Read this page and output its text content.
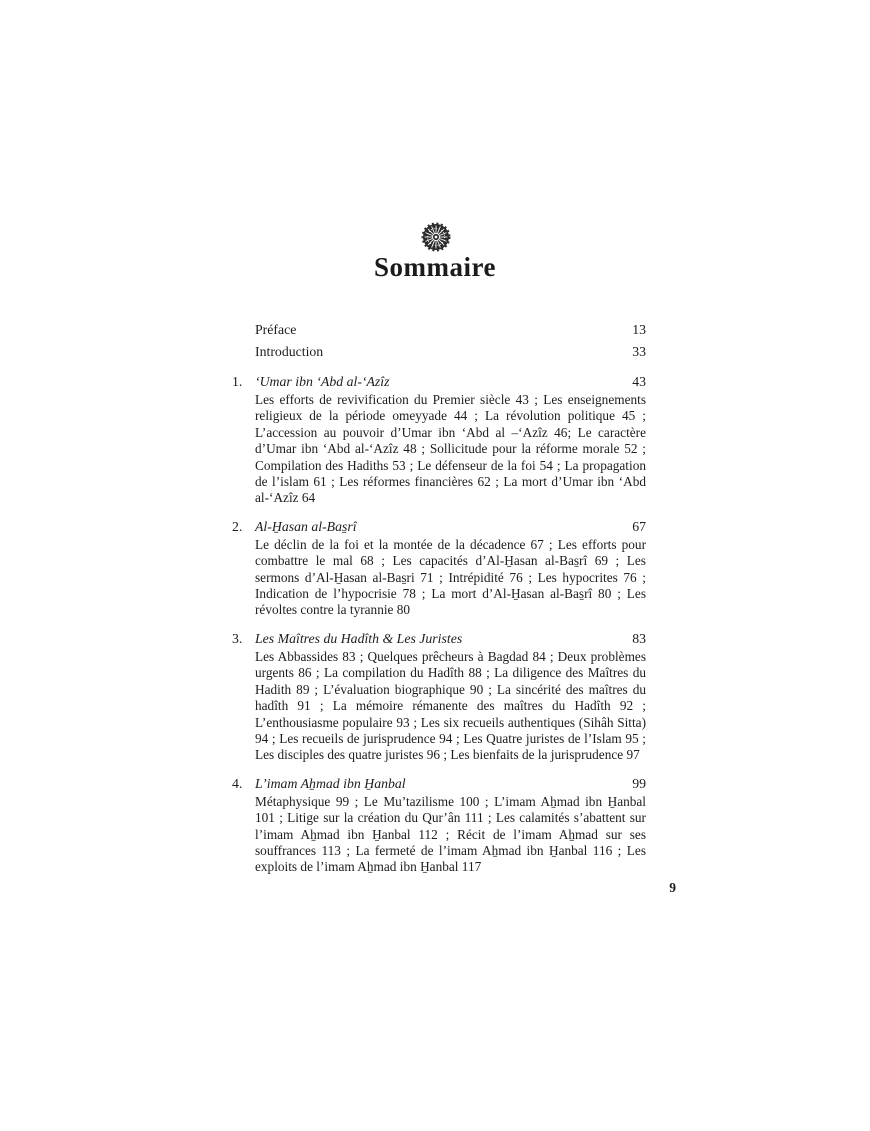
Sommaire
Préface	13
Introduction	33
1. ‘Umar ibn ‘Abd al-‘Azîz	43

Les efforts de revivification du Premier siècle 43 ; Les enseignements religieux de la période omeyyade 44 ; La révolution politique 45 ; L’accession au pouvoir d’Umar ibn ‘Abd al –‘Azîz 46; Le caractère d’Umar ibn ‘Abd al-‘Azîz 48 ; Sollicitude pour la réforme morale 52 ; Compilation des Hadiths 53 ; Le défenseur de la foi 54 ; La propagation de l’islam 61 ; Les réformes financières 62 ; La mort d’Umar ibn ‘Abd al-‘Azîz 64

2. Al-H̱asan al-Bas̱rî	67

Le déclin de la foi et la montée de la décadence 67 ; Les efforts pour combattre le mal 68 ; Les capacités d’Al-H̱asan al-Bas̱rî 69 ; Les sermons d’Al-H̱asan al-Bas̱ri 71 ; Intrépidité 76 ; Les hypocrites 76 ; Indication de l’hypocrisie 78 ; La mort d’Al-H̱asan al-Bas̱rî 80 ; Les révoltes contre la tyrannie 80

3. Les Maîtres du Hadîth & Les Juristes	83

Les Abbassides 83 ; Quelques prêcheurs à Bagdad 84 ; Deux problèmes urgents 86 ; La compilation du Hadîth 88 ; La diligence des Maîtres du Hadith 89 ; L’évaluation biographique 90 ; La sincérité des maîtres du hadîth 91 ; La mémoire rémanente des maîtres du Hadîth 92 ; L’enthousiasme populaire 93 ; Les six recueils authentiques (Sihâh Sitta) 94 ; Les recueils de jurisprudence 94 ; Les Quatre juristes de l’Islam 95 ; Les disciples des quatre juristes 96 ; Les bienfaits de la jurisprudence 97

4. L’imam Aẖmad ibn H̱anbal	99

Métaphysique 99 ; Le Mu’tazilisme 100 ; L’imam Aẖmad ibn H̱anbal 101 ; Litige sur la création du Qur’ân 111 ; Les calamités s’abattent sur l’imam Aẖmad ibn H̱anbal 112 ; Récit de l’imam Aẖmad sur ses souffrances 113 ; La fermeté de l’imam Aẖmad ibn H̱anbal 116 ; Les exploits de l’imam Aẖmad ibn H̱anbal 117

9
